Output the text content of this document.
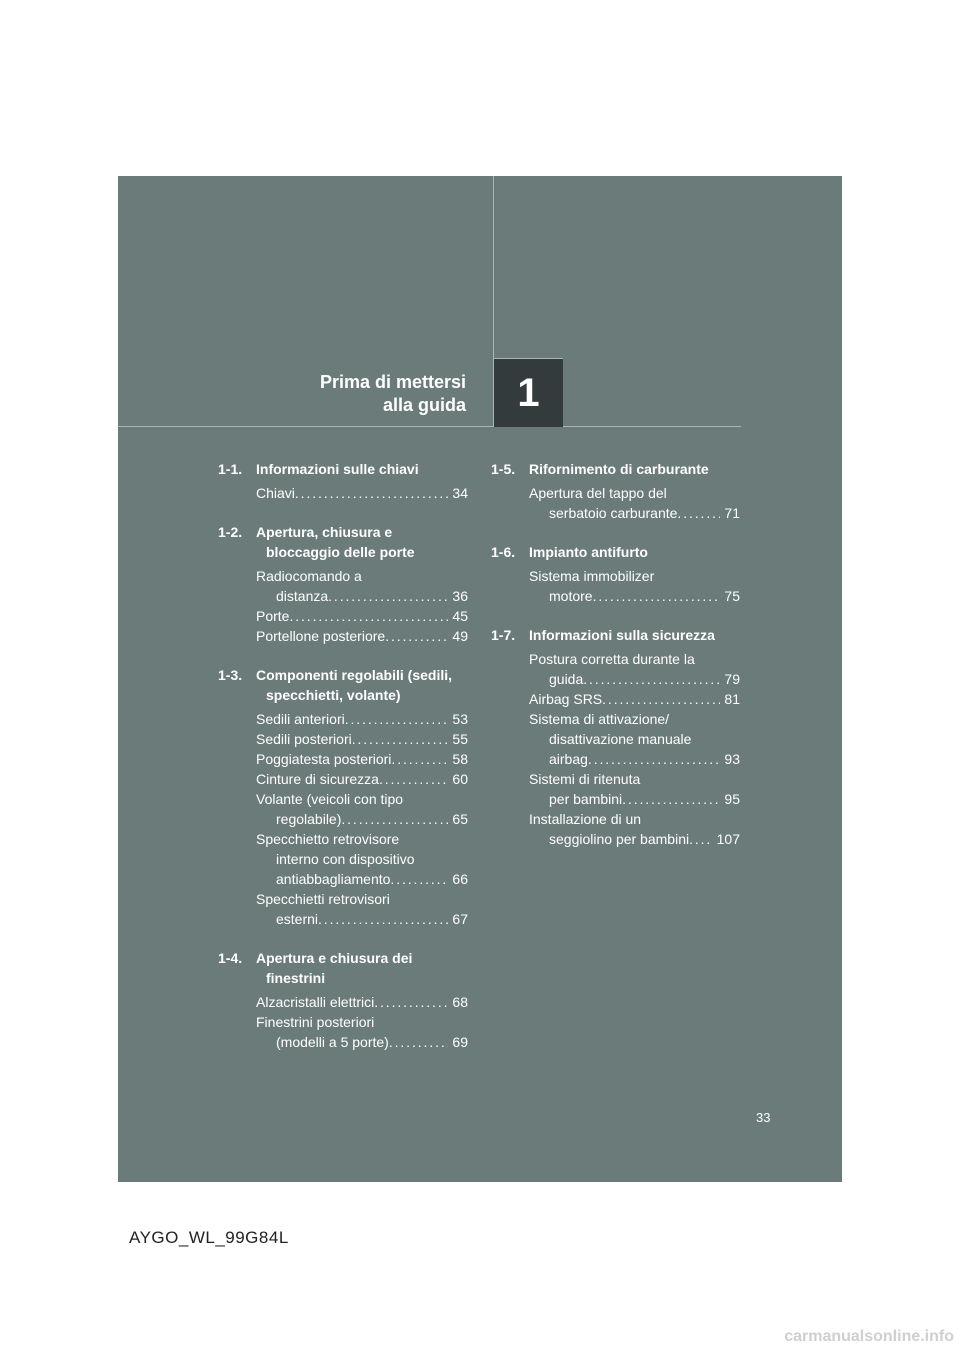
Prima di mettersi
alla guida 1
1-1. Informazioni sulle chiavi
Chiavi . . .	34
1-2. Apertura, chiusura e bloccaggio delle porte
Radiocomando a
distanza . . .	36
Porte . . .	45
Portellone posteriore . . .	49
1-3. Componenti regolabili (sedili, specchietti, volante)
Sedili anteriori . . .	53
Sedili posteriori . . .	55
Poggiatesta posteriori . . .	58
Cinture di sicurezza . . .	60
Volante (veicoli con tipo
regolabile) . . .	65
Specchietto retrovisore
interno con dispositivo
antiabbagliamento . . .	66
Specchietti retrovisori
esterni . . .	67
1-4. Apertura e chiusura dei finestrini
Alzacristalli elettrici . . .	68
Finestrini posteriori
(modelli a 5 porte) . . .	69
1-5. Rifornimento di carburante
Apertura del tappo del
serbatoio carburante . . .	71
1-6. Impianto antifurto
Sistema immobilizer
motore . . .	75
1-7. Informazioni sulla sicurezza
Postura corretta durante la
guida . . .	79
Airbag SRS . . .	81
Sistema di attivazione/
disattivazione manuale
airbag . . .	93
Sistemi di ritenuta
per bambini . . .	95
Installazione di un
seggiolino per bambini . . . 107
33
AYGO_WL_99G84L
carmanualsonline.info
